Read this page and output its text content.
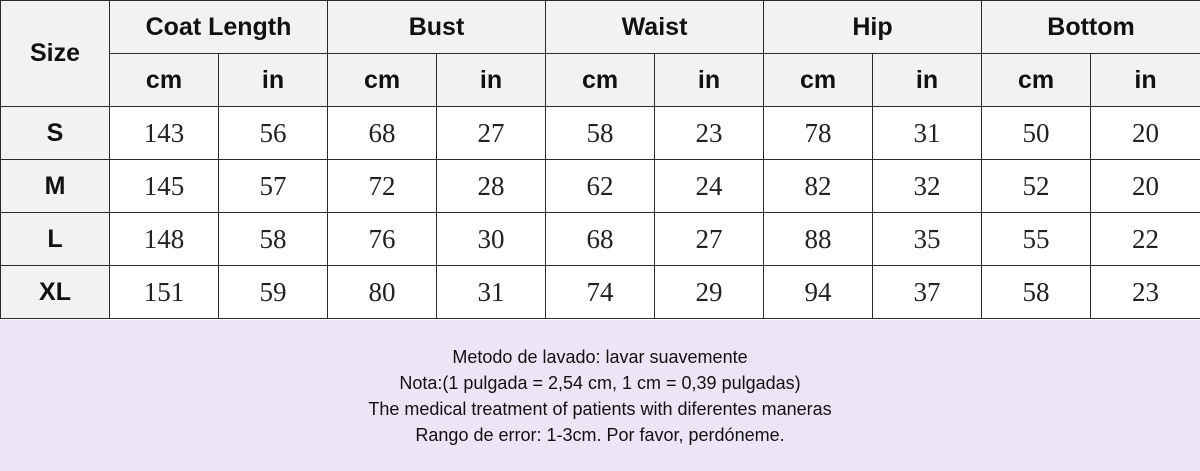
Size	Coat Length		Bust		Waist		Hip		Bottom	
	cm	in	cm	in	cm	in	cm	in	cm	in
S	143	56	68	27	58	23	78	31	50	20
M	145	57	72	28	62	24	82	32	52	20
L	148	58	76	30	68	27	88	35	55	22
XL	151	59	80	31	74	29	94	37	58	23
Metodo de lavado: lavar suavemente
Nota:(1 pulgada = 2,54 cm, 1 cm = 0,39 pulgadas)
The medical treatment of patients with diferentes maneras
Rango de error: 1-3cm. Por favor, perdóneme.
